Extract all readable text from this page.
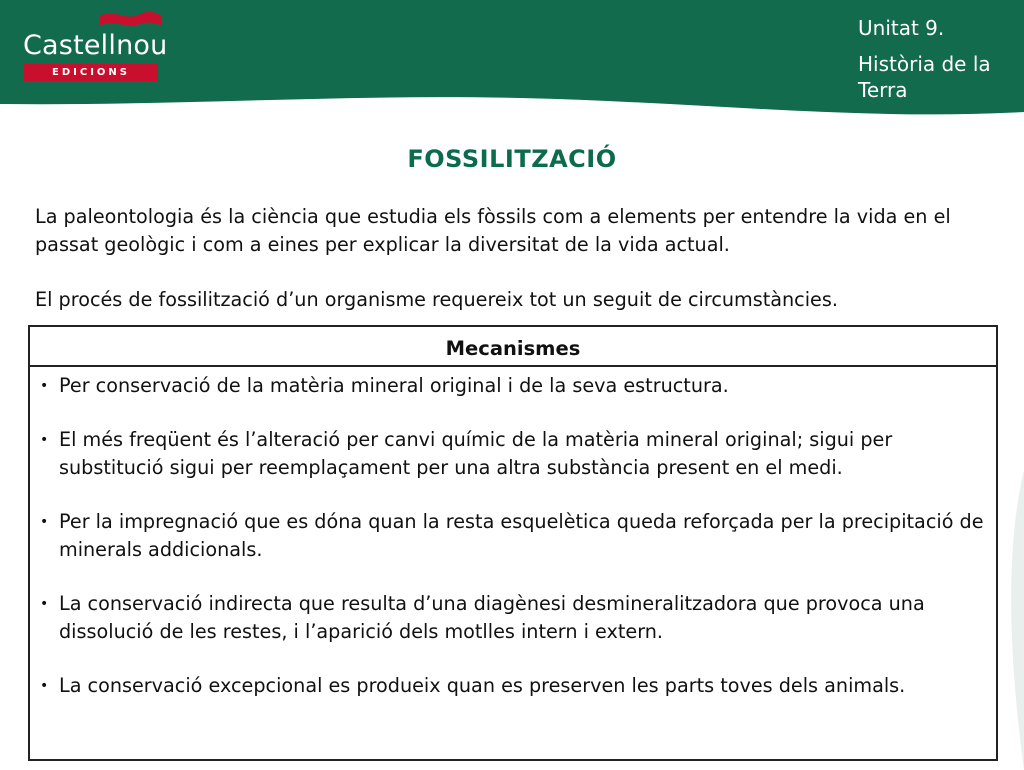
Castellnou
EDICIONS
Unitat 9.
Història de la Terra
FOSSILITZACIÓ

La paleontologia és la ciència que estudia els fòssils com a elements per entendre la vida en el passat geològic i com a eines per explicar la diversitat de la vida actual.

El procés de fossilització d’un organisme requereix tot un seguit de circumstàncies.

Mecanismes
• Per conservació de la matèria mineral original i de la seva estructura.
• El més freqüent és l’alteració per canvi químic de la matèria mineral original; sigui per substitució sigui per reemplaçament per una altra substància present en el medi.
• Per la impregnació que es dóna quan la resta esquelètica queda reforçada per la precipitació de minerals addicionals.
• La conservació indirecta que resulta d’una diagènesi desmineralitzadora que provoca una dissolució de les restes, i l’aparició dels motlles intern i extern.
• La conservació excepcional es produeix quan es preserven les parts toves dels animals.
